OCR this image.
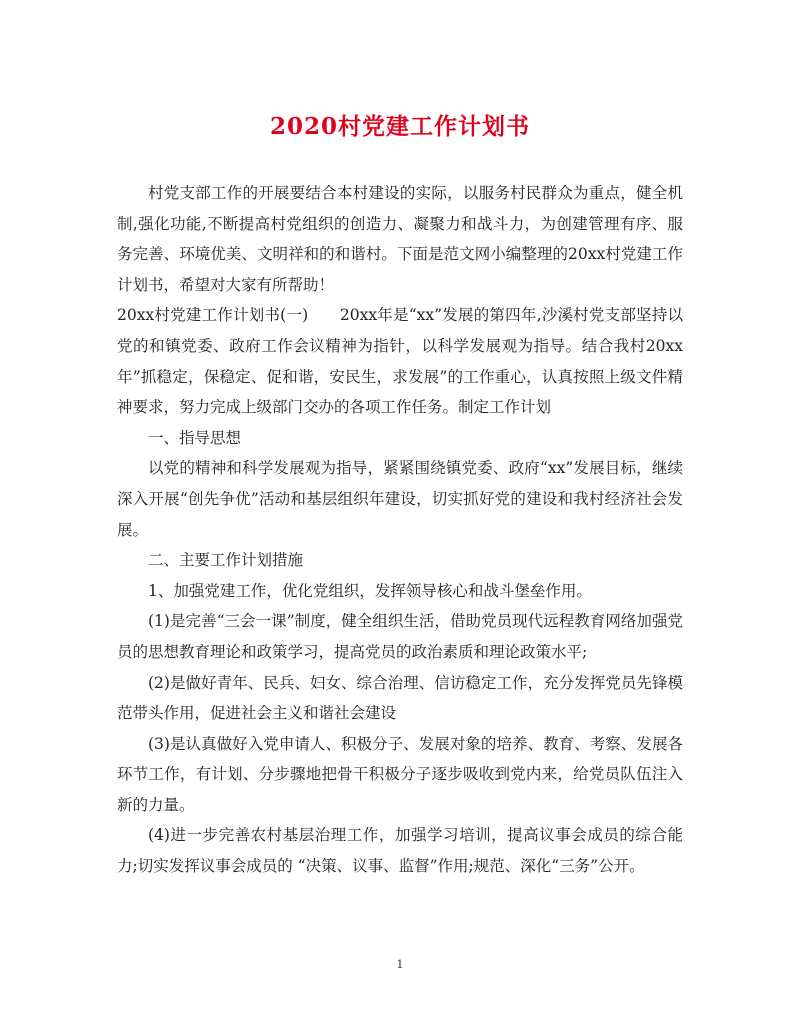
2020村党建工作计划书

村党支部工作的开展要结合本村建设的实际，以服务村民群众为重点，健全机制,强化功能,不断提高村党组织的创造力、凝聚力和战斗力，为创建管理有序、服务完善、环境优美、文明祥和的和谐村。下面是范文网小编整理的20xx村党建工作计划书，希望对大家有所帮助！

20xx村党建工作计划书(一)　　20xx年是“xx”发展的第四年,沙溪村党支部坚持以党的和镇党委、政府工作会议精神为指针，以科学发展观为指导。结合我村20xx年”抓稳定，保稳定、促和谐，安民生，求发展”的工作重心，认真按照上级文件精神要求，努力完成上级部门交办的各项工作任务。制定工作计划

一、指导思想

以党的精神和科学发展观为指导，紧紧围绕镇党委、政府“xx”发展目标，继续深入开展“创先争优”活动和基层组织年建设，切实抓好党的建设和我村经济社会发展。

二、主要工作计划措施

1、加强党建工作，优化党组织，发挥领导核心和战斗堡垒作用。

(1)是完善“三会一课”制度，健全组织生活，借助党员现代远程教育网络加强党员的思想教育理论和政策学习，提高党员的政治素质和理论政策水平;

(2)是做好青年、民兵、妇女、综合治理、信访稳定工作，充分发挥党员先锋模范带头作用，促进社会主义和谐社会建设

(3)是认真做好入党申请人、积极分子、发展对象的培养、教育、考察、发展各环节工作，有计划、分步骤地把骨干积极分子逐步吸收到党内来，给党员队伍注入新的力量。

(4)进一步完善农村基层治理工作，加强学习培训，提高议事会成员的综合能力;切实发挥议事会成员的 “决策、议事、监督”作用;规范、深化“三务”公开。

1
